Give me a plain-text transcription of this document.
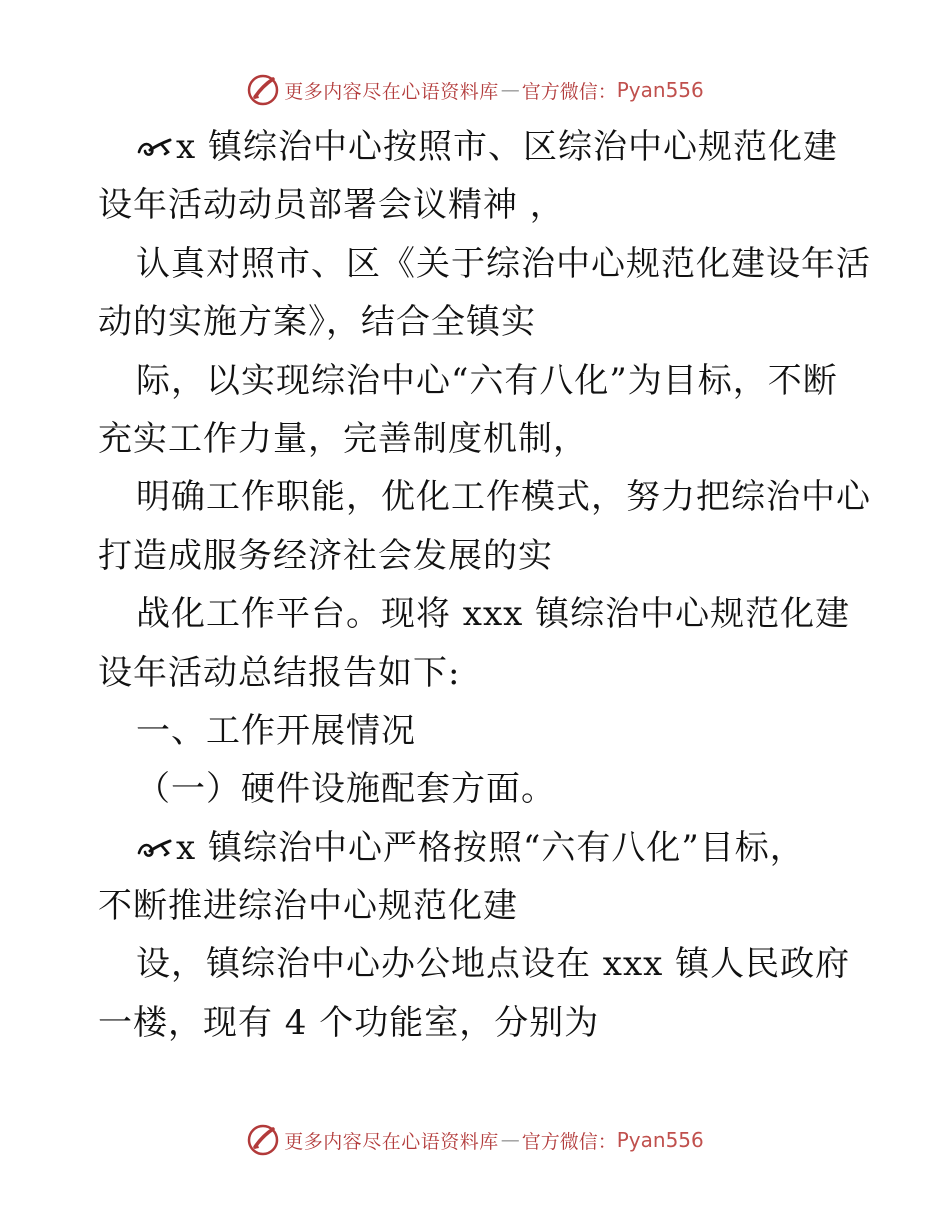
更多内容尽在心语资料库 — 官方微信： Pyan556
x 镇综治中心按照市、区综治中心规范化建
设年活动动员部署会议精神 ，
认真对照市、区《关于综治中心规范化建设年活
动的实施方案》，结合全镇实
际，以实现综治中心“六有八化”为目标，不断
充实工作力量，完善制度机制，
明确工作职能，优化工作模式，努力把综治中心
打造成服务经济社会发展的实
战化工作平台。现将 xxx 镇综治中心规范化建
设年活动总结报告如下:
一、工作开展情况
（一）硬件设施配套方面。
x 镇综治中心严格按照“六有八化”目标，
不断推进综治中心规范化建
设，镇综治中心办公地点设在 xxx 镇人民政府
一楼，现有 4 个功能室，分别为
更多内容尽在心语资料库 — 官方微信： Pyan556
